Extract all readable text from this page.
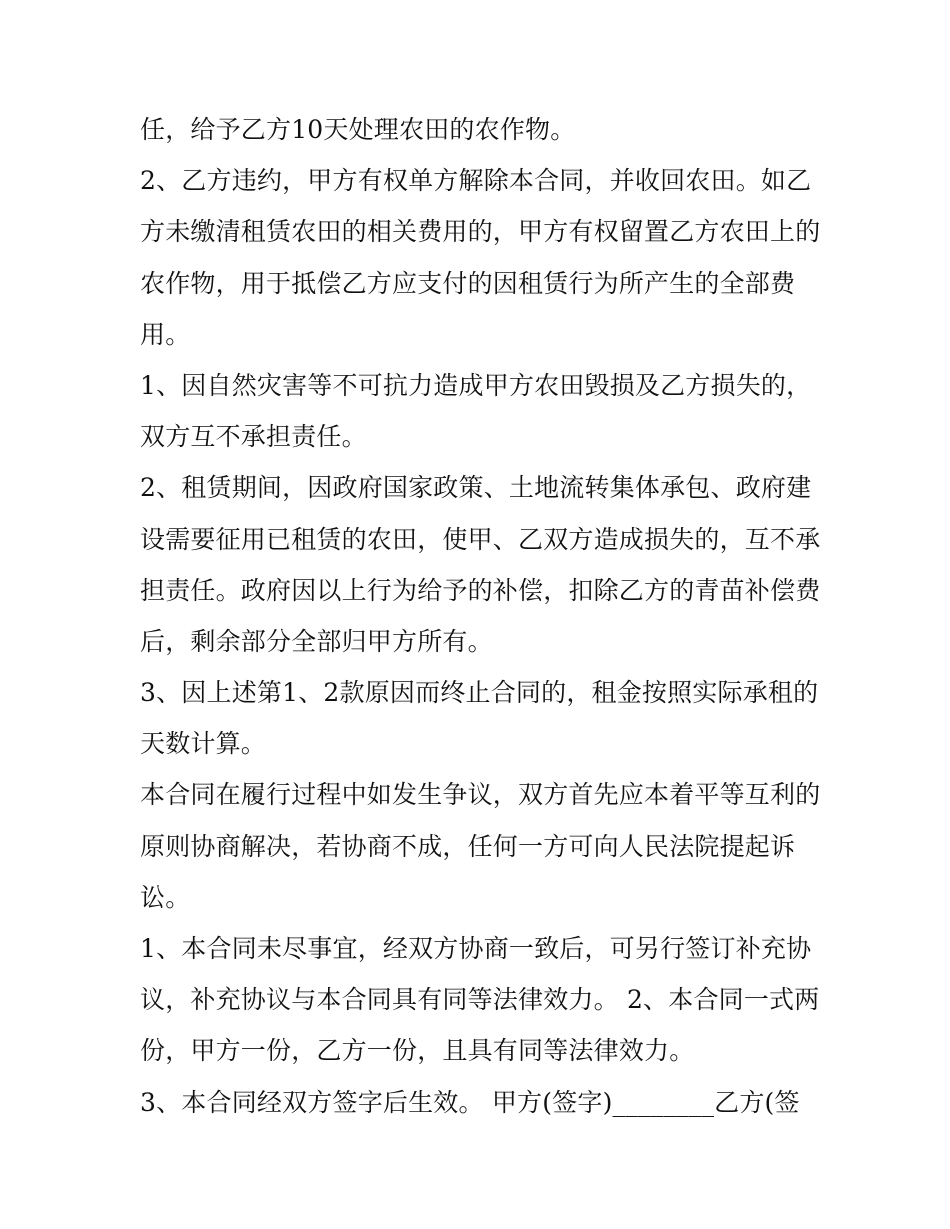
任，给予乙方10天处理农田的农作物。
2、乙方违约，甲方有权单方解除本合同，并收回农田。如乙
方未缴清租赁农田的相关费用的，甲方有权留置乙方农田上的
农作物，用于抵偿乙方应支付的因租赁行为所产生的全部费
用。
1、因自然灾害等不可抗力造成甲方农田毁损及乙方损失的，
双方互不承担责任。
2、租赁期间，因政府国家政策、土地流转集体承包、政府建
设需要征用已租赁的农田，使甲、乙双方造成损失的，互不承
担责任。政府因以上行为给予的补偿，扣除乙方的青苗补偿费
后，剩余部分全部归甲方所有。
3、因上述第1、2款原因而终止合同的，租金按照实际承租的
天数计算。
本合同在履行过程中如发生争议，双方首先应本着平等互利的
原则协商解决，若协商不成，任何一方可向人民法院提起诉
讼。
1、本合同未尽事宜，经双方协商一致后，可另行签订补充协
议，补充协议与本合同具有同等法律效力。 2、本合同一式两
份，甲方一份，乙方一份，且具有同等法律效力。
3、本合同经双方签字后生效。 甲方(签字)________乙方(签
